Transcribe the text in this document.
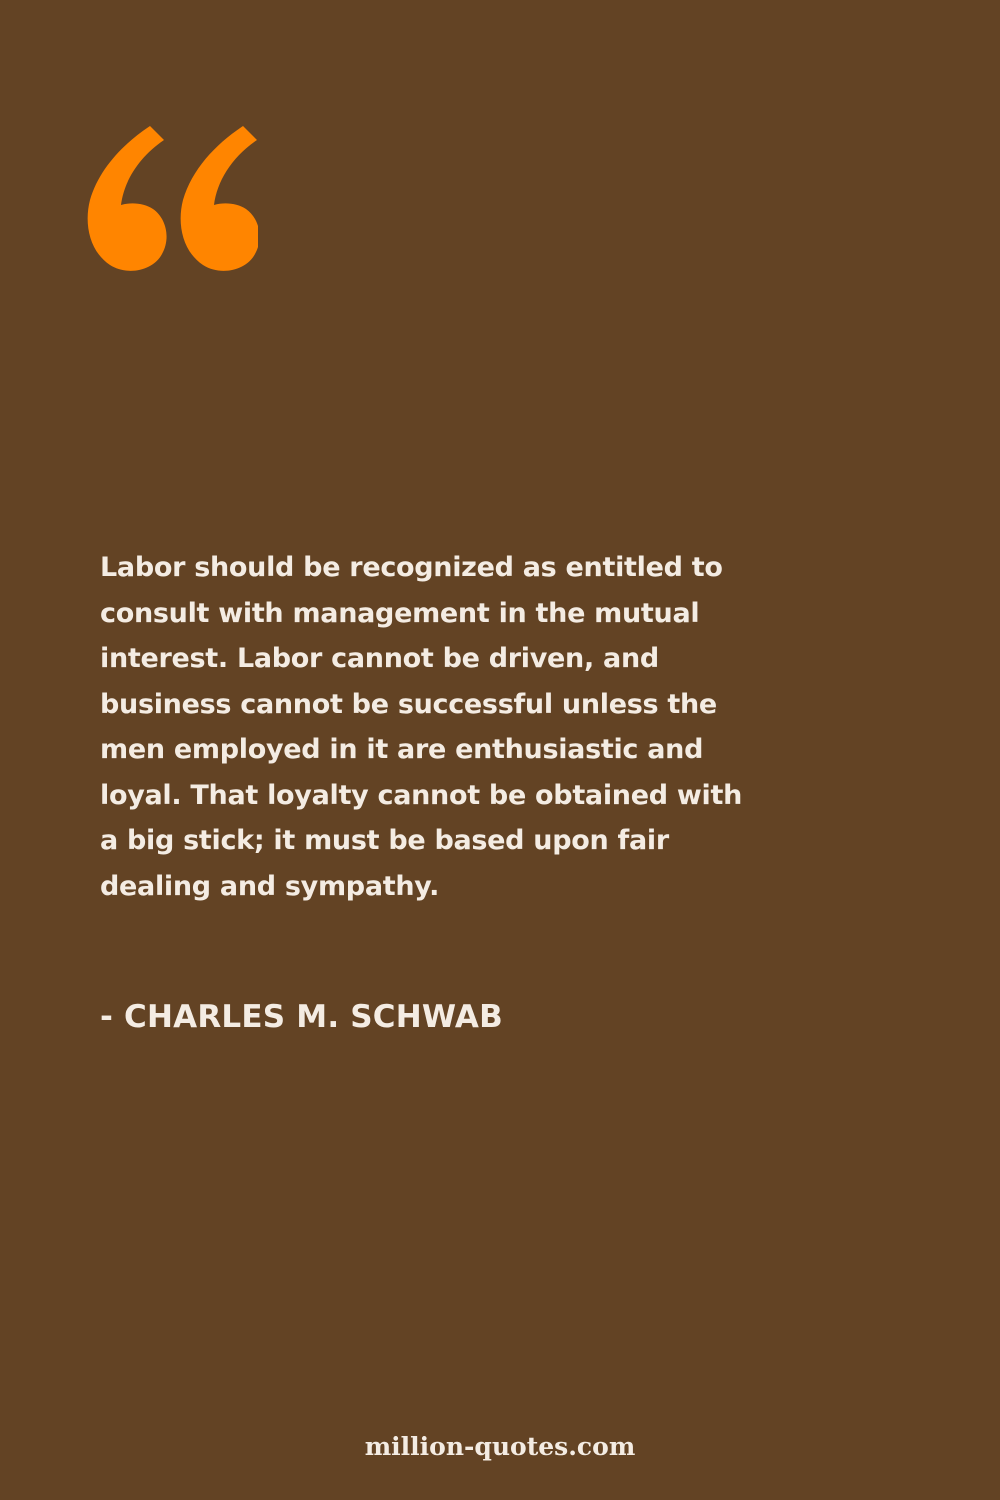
Labor should be recognized as entitled to
consult with management in the mutual
interest. Labor cannot be driven, and
business cannot be successful unless the
men employed in it are enthusiastic and
loyal. That loyalty cannot be obtained with
a big stick; it must be based upon fair
dealing and sympathy.

- CHARLES M. SCHWAB

million-quotes.com
